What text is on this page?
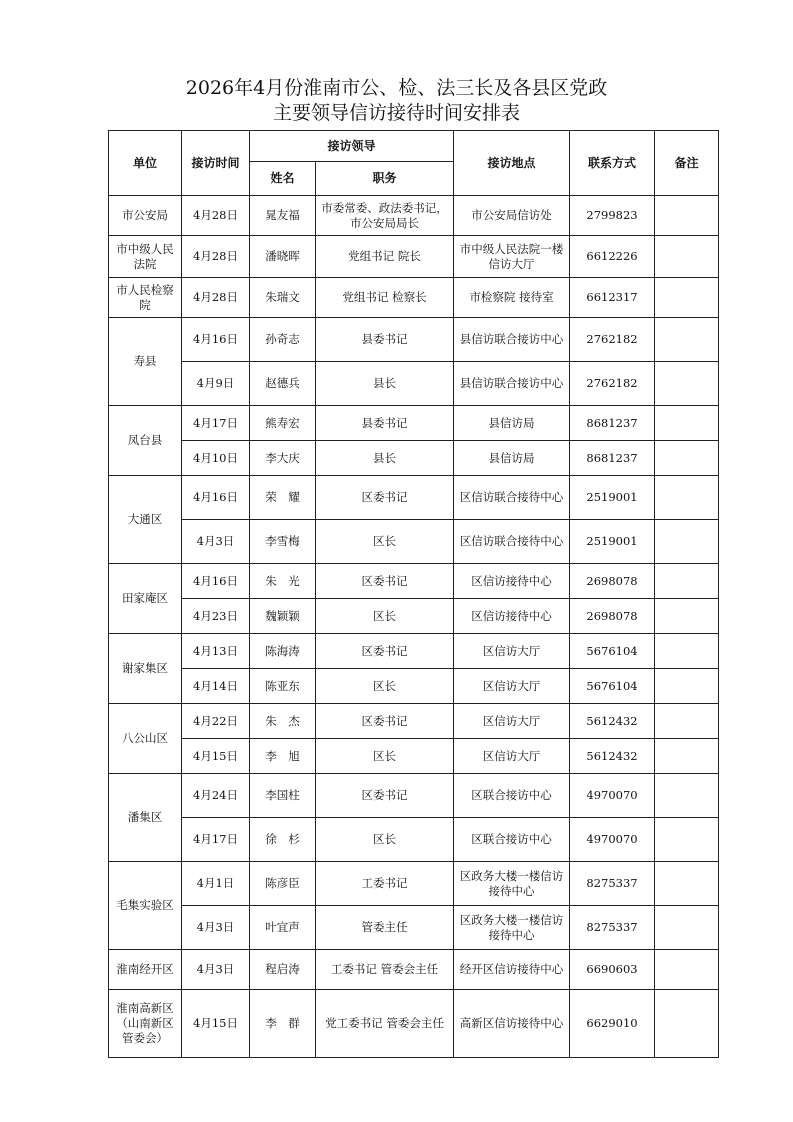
2026年4月份淮南市公、检、法三长及各县区党政
主要领导信访接待时间安排表
单位	接访时间	接访领导		接访地点	联系方式	备注
		姓名	职务			
市公安局	4月28日	晁友福	市委常委、政法委书记，市公安局局长	市公安局信访处	2799823	
市中级人民法院	4月28日	潘晓晖	党组书记 院长	市中级人民法院一楼信访大厅	6612226	
市人民检察院	4月28日	朱瑞文	党组书记 检察长	市检察院 接待室	6612317	
寿县	4月16日	孙奇志	县委书记	县信访联合接访中心	2762182	
	4月9日	赵德兵	县长	县信访联合接访中心	2762182	
凤台县	4月17日	熊寿宏	县委书记	县信访局	8681237	
	4月10日	李大庆	县长	县信访局	8681237	
大通区	4月16日	荣　耀	区委书记	区信访联合接待中心	2519001	
	4月3日	李雪梅	区长	区信访联合接待中心	2519001	
田家庵区	4月16日	朱　光	区委书记	区信访接待中心	2698078	
	4月23日	魏颖颖	区长	区信访接待中心	2698078	
谢家集区	4月13日	陈海涛	区委书记	区信访大厅	5676104	
	4月14日	陈亚东	区长	区信访大厅	5676104	
八公山区	4月22日	朱　杰	区委书记	区信访大厅	5612432	
	4月15日	李　旭	区长	区信访大厅	5612432	
潘集区	4月24日	李国柱	区委书记	区联合接访中心	4970070	
	4月17日	徐　杉	区长	区联合接访中心	4970070	
毛集实验区	4月1日	陈彦臣	工委书记	区政务大楼一楼信访接待中心	8275337	
	4月3日	叶宜声	管委主任	区政务大楼一楼信访接待中心	8275337	
淮南经开区	4月3日	程启涛	工委书记 管委会主任	经开区信访接待中心	6690603	
淮南高新区（山南新区管委会）	4月15日	李　群	党工委书记 管委会主任	高新区信访接待中心	6629010	
